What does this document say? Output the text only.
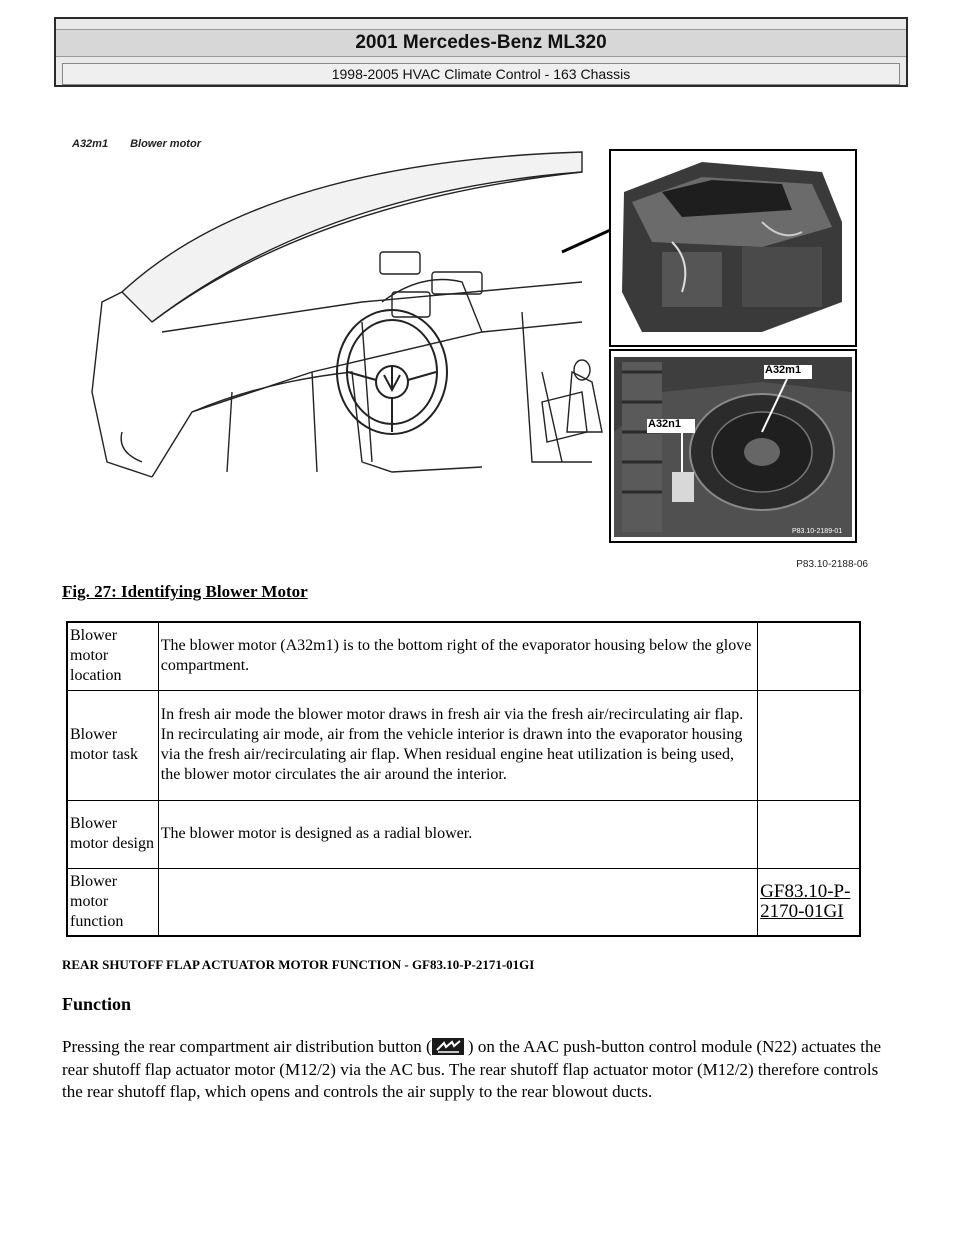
2001 Mercedes-Benz ML320
1998-2005 HVAC Climate Control - 163 Chassis
A32m1 Blower motor
A32m1
A32n1
P83.40-2307-01
P83.10-2189-01
P83.10-2188-06
Fig. 27: Identifying Blower Motor
Blower motor location	The blower motor (A32m1) is to the bottom right of the evaporator housing below the glove compartment.	
Blower motor task	In fresh air mode the blower motor draws in fresh air via the fresh air/recirculating air flap. In recirculating air mode, air from the vehicle interior is drawn into the evaporator housing via the fresh air/recirculating air flap. When residual engine heat utilization is being used, the blower motor circulates the air around the interior.	
Blower motor design	The blower motor is designed as a radial blower.	
Blower motor function		GF83.10-P-2170-01GI
REAR SHUTOFF FLAP ACTUATOR MOTOR FUNCTION - GF83.10-P-2171-01GI
Function
Pressing the rear compartment air distribution button (
) on the AAC push-button control module (N22) actuates the rear shutoff flap actuator motor (M12/2) via the AC bus. The rear shutoff flap actuator motor (M12/2) therefore controls the rear shutoff flap, which opens and controls the air supply to the rear blowout ducts.
